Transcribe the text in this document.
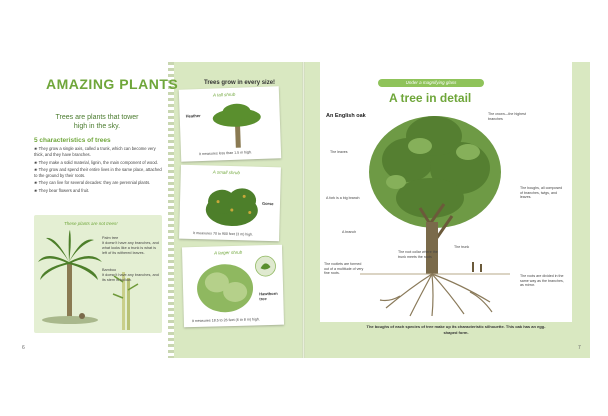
AMAZING PLANTS
Trees are plants that tower high in the sky.
5 characteristics of trees

❀ They grow a single axis, called a trunk, which can become very thick, and they have branches.

❀ They make a solid material, lignin, the main component of wood.

❀ They grow and spend their entire lives in the same place, attached to the ground by their roots.

❀ They can live for several decades: they are perennial plants.

❀ They bear flowers and fruit.

These plants are not trees!
Palm tree
It doesn't have any branches, and what looks like a trunk is what is left of its withered leaves.
Bamboo
It doesn't have any branches, and its stem is hollow.
6
Trees grow in every size!
A tall shrub
Heather
It measures less than 1.5 m high.
A small shrub
Gorse
It measures 70 to 900 feet (3 m) high.
A larger shrub
Hawthorn tree
It measures 18.5 to 26 feet (6 to 8 m) high.
Under a magnifying glass
A tree in detail
An English oak	The crown—the highest branches
The leaves
A fork is a big branch
The boughs, all composed of branches, twigs, and leaves.
A branch
The trunk
The root collar where the trunk meets the roots
The rootlets are formed out of a multitude of very fine roots.
The roots are divided in the same way as the branches, as mirror.
The boughs of each species of tree make up its characteristic silhouette. This oak has an egg-shaped form.
7
